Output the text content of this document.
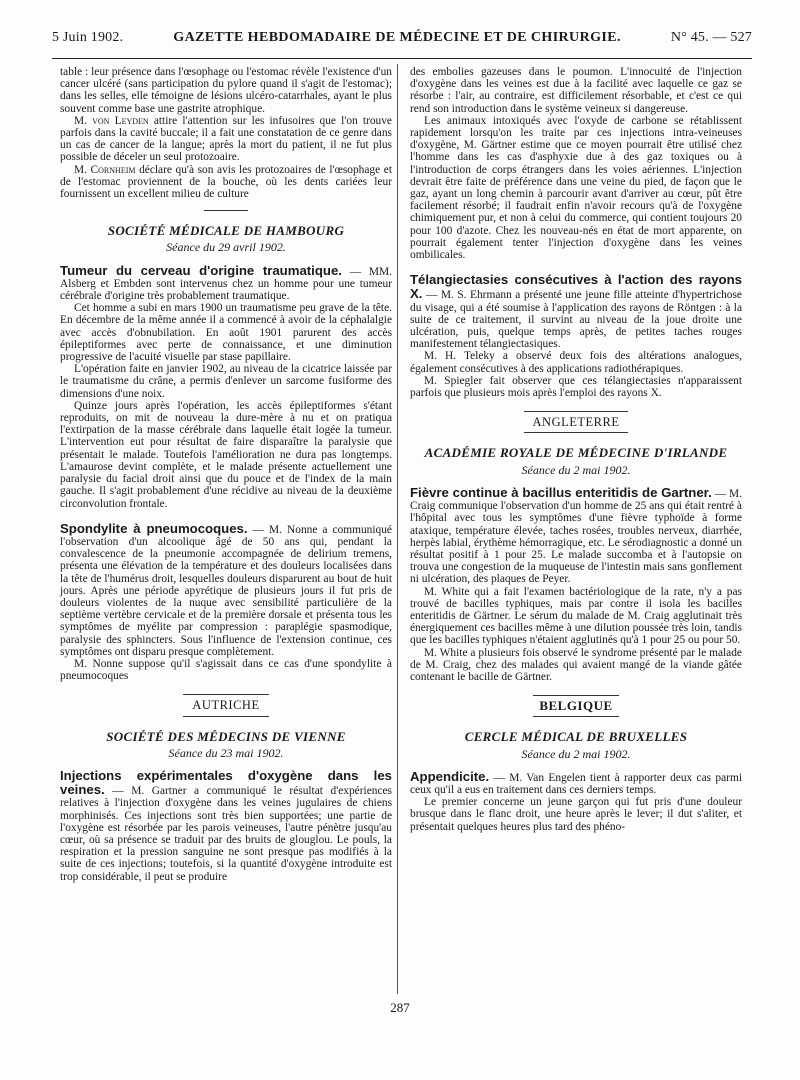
5 Juin 1902.	GAZETTE HEBDOMADAIRE DE MÉDECINE ET DE CHIRURGIE.	N° 45. — 527

table : leur présence dans l'œsophage ou l'estomac révèle l'existence d'un cancer ulcéré (sans participation du pylore quand il s'agit de l'estomac); dans les selles, elle témoigne de lésions ulcéro-catarrhales, ayant le plus souvent comme base une gastrite atrophique.

M. von Leyden attire l'attention sur les infusoires que l'on trouve parfois dans la cavité buccale; il a fait une constatation de ce genre dans un cas de cancer de la langue; après la mort du patient, il ne fut plus possible de déceler un seul protozoaire.

M. Cornheim déclare qu'à son avis les protozoaires de l'œsophage et de l'estomac proviennent de la bouche, où les dents cariées leur fournissent un excellent milieu de culture

SOCIÉTÉ MÉDICALE DE HAMBOURG

Séance du 29 avril 1902.

Tumeur du cerveau d'origine traumatique. — MM. Alsberg et Embden sont intervenus chez un homme pour une tumeur cérébrale d'origine très probablement traumatique.

Cet homme a subi en mars 1900 un traumatisme peu grave de la tête. En décembre de la même année il a commencé à avoir de la céphalalgie avec accès d'obnubilation. En août 1901 parurent des accès épileptiformes avec perte de connaissance, et une diminution progressive de l'acuité visuelle par stase papillaire.

L'opération faite en janvier 1902, au niveau de la cicatrice laissée par le traumatisme du crâne, a permis d'enlever un sarcome fusiforme des dimensions d'une noix.

Quinze jours après l'opération, les accès épileptiformes s'étant reproduits, on mit de nouveau la dure-mère à nu et on pratiqua l'extirpation de la masse cérébrale dans laquelle était logée la tumeur. L'intervention eut pour résultat de faire disparaître la paralysie que présentait le malade. Toutefois l'amélioration ne dura pas longtemps. L'amaurose devint complète, et le malade présente actuellement une paralysie du facial droit ainsi que du pouce et de l'index de la main gauche. Il s'agit probablement d'une récidive au niveau de la deuxième circonvolution frontale.

Spondylite à pneumocoques. — M. Nonne a communiqué l'observation d'un alcoolique âgé de 50 ans qui, pendant la convalescence de la pneumonie accompagnée de delirium tremens, présenta une élévation de la température et des douleurs localisées dans la tête de l'humérus droit, lesquelles douleurs disparurent au bout de huit jours. Après une période apyrétique de plusieurs jours il fut pris de douleurs violentes de la nuque avec sensibilité particulière de la septième vertèbre cervicale et de la première dorsale et présenta tous les symptômes de myélite par compression : paraplégie spasmodique, paralysie des sphincters. Sous l'influence de l'extension continue, ces symptômes ont disparu presque complètement.

M. Nonne suppose qu'il s'agissait dans ce cas d'une spondylite à pneumocoques

AUTRICHE

SOCIÉTÉ DES MÉDECINS DE VIENNE

Séance du 23 mai 1902.

Injections expérimentales d'oxygène dans les veines. — M. Gartner a communiqué le résultat d'expériences relatives à l'injection d'oxygène dans les veines jugulaires de chiens morphinisés. Ces injections sont très bien supportées; une partie de l'oxygène est résorbée par les parois veineuses, l'autre pénètre jusqu'au cœur, où sa présence se traduit par des bruits de glouglou. Le pouls, la respiration et la pression sanguine ne sont presque pas modifiés à la suite de ces injections; toutefois, si la quantité d'oxygène introduite est trop considérable, il peut se produire

des embolies gazeuses dans le poumon. L'innocuité de l'injection d'oxygène dans les veines est due à la facilité avec laquelle ce gaz se résorbe : l'air, au contraire, est difficilement résorbable, et c'est ce qui rend son introduction dans le système veineux si dangereuse.

Les animaux intoxiqués avec l'oxyde de carbone se rétablissent rapidement lorsqu'on les traite par ces injections intra-veineuses d'oxygène, M. Gärtner estime que ce moyen pourrait être utilisé chez l'homme dans les cas d'asphyxie due à des gaz toxiques ou à l'introduction de corps étrangers dans les voies aériennes. L'injection devrait être faite de préférence dans une veine du pied, de façon que le gaz, ayant un long chemin à parcourir avant d'arriver au cœur, pût être facilement résorbé; il faudrait enfin n'avoir recours qu'à de l'oxygène chimiquement pur, et non à celui du commerce, qui contient toujours 20 pour 100 d'azote. Chez les nouveau-nés en état de mort apparente, on pourrait également tenter l'injection d'oxygène dans les veines ombilicales.

Télangiectasies consécutives à l'action des rayons X. — M. S. Ehrmann a présenté une jeune fille atteinte d'hypertrichose du visage, qui a été soumise à l'application des rayons de Röntgen : à la suite de ce traitement, il survint au niveau de la joue droite une ulcération, puis, quelque temps après, de petites taches rouges manifestement télangiectasiques.

M. H. Teleky a observé deux fois des altérations analogues, également consécutives à des applications radiothérapiques.

M. Spiegler fait observer que ces télangiectasies n'apparaissent parfois que plusieurs mois après l'emploi des rayons X.

ANGLETERRE

ACADÉMIE ROYALE DE MÉDECINE D'IRLANDE

Séance du 2 mai 1902.

Fièvre continue à bacillus enteritidis de Gartner. — M. Craig communique l'observation d'un homme de 25 ans qui était rentré à l'hôpital avec tous les symptômes d'une fièvre typhoïde à forme ataxique, température élevée, taches rosées, troubles nerveux, diarrhée, herpès labial, érythème hémorragique, etc. Le sérodiagnostic a donné un résultat positif à 1 pour 25. Le malade succomba et à l'autopsie on trouva une congestion de la muqueuse de l'intestin mais sans gonflement ni ulcération, des plaques de Peyer.

M. White qui a fait l'examen bactériologique de la rate, n'y a pas trouvé de bacilles typhiques, mais par contre il isola les bacilles enteritidis de Gärtner. Le sérum du malade de M. Craig agglutinait très énergiquement ces bacilles même à une dilution poussée très loin, tandis que les bacilles typhiques n'étaient agglutinés qu'à 1 pour 25 ou pour 50.

M. White a plusieurs fois observé le syndrome présenté par le malade de M. Craig, chez des malades qui avaient mangé de la viande gâtée contenant le bacille de Gärtner.

BELGIQUE

CERCLE MÉDICAL DE BRUXELLES

Séance du 2 mai 1902.

Appendicite. — M. Van Engelen tient à rapporter deux cas parmi ceux qu'il a eus en traitement dans ces derniers temps.

Le premier concerne un jeune garçon qui fut pris d'une douleur brusque dans le flanc droit, une heure après le lever; il dut s'aliter, et présentait quelques heures plus tard des phéno-

287
